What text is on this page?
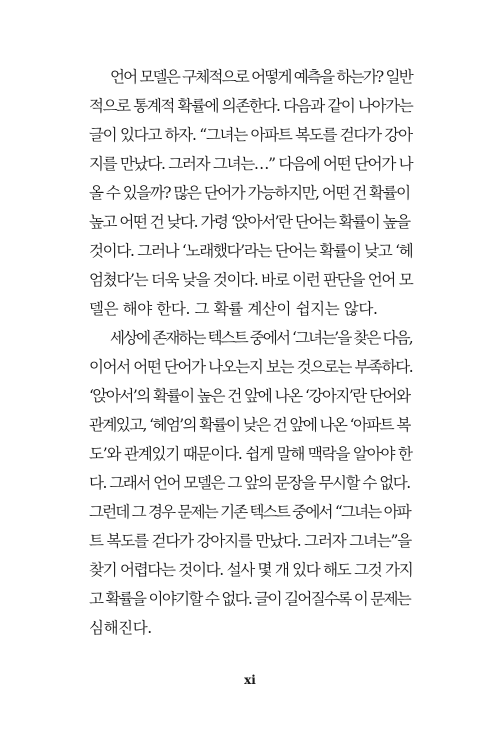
언어 모델은 구체적으로 어떻게 예측을 하는가? 일반
적으로 통계적 확률에 의존한다. 다음과 같이 나아가는
글이 있다고 하자. “그녀는 아파트 복도를 걷다가 강아
지를 만났다. 그러자 그녀는…” 다음에 어떤 단어가 나
올 수 있을까? 많은 단어가 가능하지만, 어떤 건 확률이
높고 어떤 건 낮다. 가령 ‘앉아서’란 단어는 확률이 높을
것이다. 그러나 ‘노래했다’라는 단어는 확률이 낮고 ‘헤
엄쳤다’는 더욱 낮을 것이다. 바로 이런 판단을 언어 모
델은 해야 한다. 그 확률 계산이 쉽지는 않다.
세상에 존재하는 텍스트 중에서 ‘그녀는’을 찾은 다음,
이어서 어떤 단어가 나오는지 보는 것으로는 부족하다.
‘앉아서’의 확률이 높은 건 앞에 나온 ‘강아지’란 단어와
관계있고, ‘헤엄’의 확률이 낮은 건 앞에 나온 ‘아파트 복
도’와 관계있기 때문이다. 쉽게 말해 맥락을 알아야 한
다. 그래서 언어 모델은 그 앞의 문장을 무시할 수 없다.
그런데 그 경우 문제는 기존 텍스트 중에서 “그녀는 아파
트 복도를 걷다가 강아지를 만났다. 그러자 그녀는”을
찾기 어렵다는 것이다. 설사 몇 개 있다 해도 그것 가지
고 확률을 이야기할 수 없다. 글이 길어질수록 이 문제는
심해진다.
xi
